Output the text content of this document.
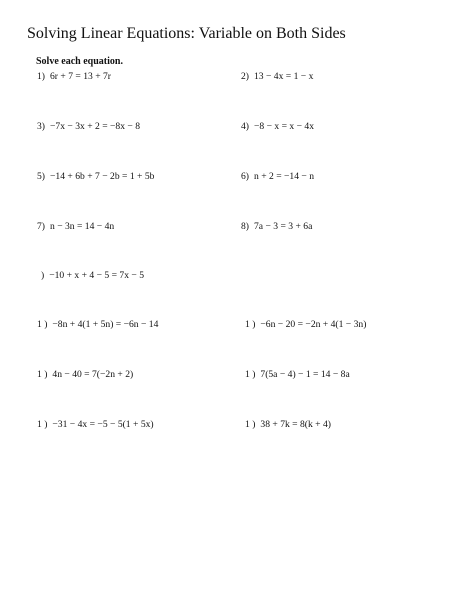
Solving Linear Equations: Variable on Both Sides
Solve each equation.
1) 6r + 7 = 13 + 7r	2) 13 − 4x = 1 − x
3) −7x − 3x + 2 = −8x − 8	4) −8 − x = x − 4x
5) −14 + 6b + 7 − 2b = 1 + 5b	6) n + 2 = −14 − n
7) n − 3n = 14 − 4n	8) 7a − 3 = 3 + 6a
) −10 + x + 4 − 5 = 7x − 5
1 ) −8n + 4(1 + 5n) = −6n − 14	1 ) −6n − 20 = −2n + 4(1 − 3n)
1 ) 4n − 40 = 7(−2n + 2)	1 ) 7(5a − 4) − 1 = 14 − 8a
1 ) −31 − 4x = −5 − 5(1 + 5x)	1 ) 38 + 7k = 8(k + 4)
